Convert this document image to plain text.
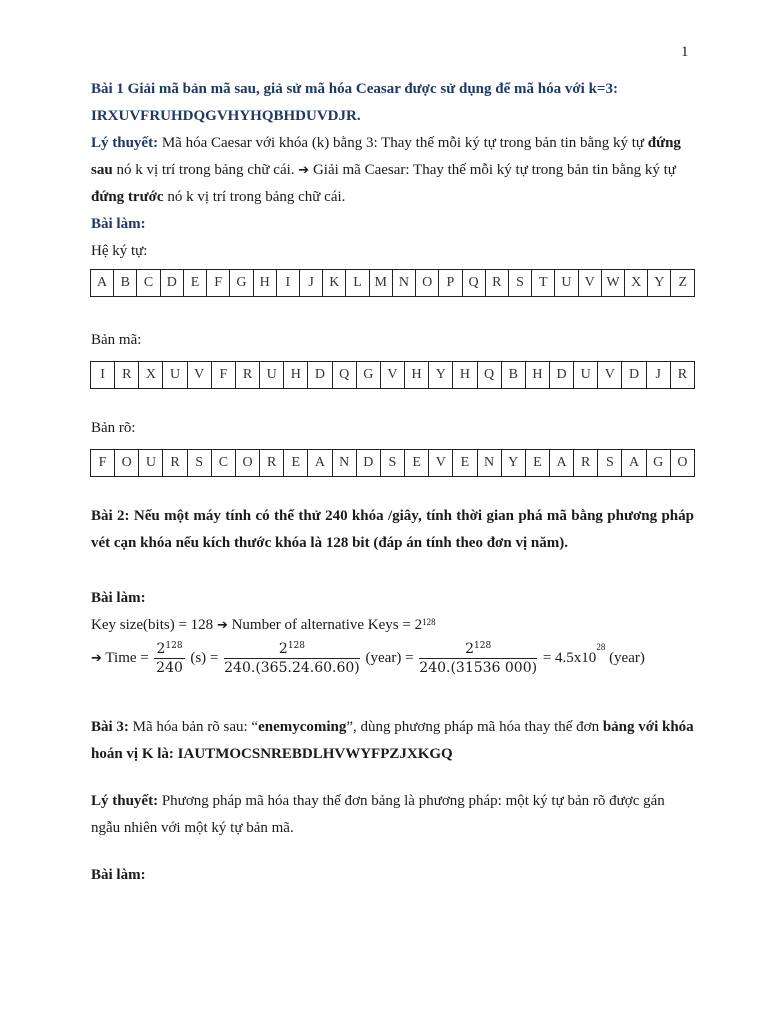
1
Bài 1 Giải mã bản mã sau, giả sử mã hóa Ceasar được sử dụng để mã hóa với k=3:
IRXUVFRUHDQGVHYHQBHDUVDJR.
Lý thuyết: Mã hóa Caesar với khóa (k) bằng 3: Thay thế mỗi ký tự trong bản tin bằng ký tự đứng sau nó k vị trí trong bảng chữ cái. ➔ Giải mã Caesar: Thay thế mỗi ký tự trong bản tin bằng ký tự đứng trước nó k vị trí trong bảng chữ cái.
Bài làm:
Hệ ký tự:
A	B	C	D	E	F	G	H	I	J	K	L	M	N	O	P	Q	R	S	T	U	V	W	X	Y	Z
Bản mã:
I	R	X	U	V	F	R	U	H	D	Q	G	V	H	Y	H	Q	B	H	D	U	V	D	J	R
Bản rõ:
F	O	U	R	S	C	O	R	E	A	N	D	S	E	V	E	N	Y	E	A	R	S	A	G	O
Bài 2: Nếu một máy tính có thể thử 240 khóa /giây, tính thời gian phá mã bằng phương pháp vét cạn khóa nếu kích thước khóa là 128 bit (đáp án tính theo đơn vị năm).
Bài làm:
Key size(bits) = 128 ➔ Number of alternative Keys = $2^{128}$
➔ Time = $\frac{2^{128}}{240} (s) = \frac{2^{128}}{240.(365.24.60.60)}$ (year) = $\frac{2^{128}}{240.(31536 000)} = 4.5x10^{28}$ (year)
Bài 3: Mã hóa bản rõ sau: “enemycoming”, dùng phương pháp mã hóa thay thế đơn bảng với khóa hoán vị K là: IAUTMOCSNREBDLHVWYFPZJXKGQ
Lý thuyết: Phương pháp mã hóa thay thế đơn bảng là phương pháp: một ký tự bản rõ được gán ngẫu nhiên với một ký tự bản mã.
Bài làm:
